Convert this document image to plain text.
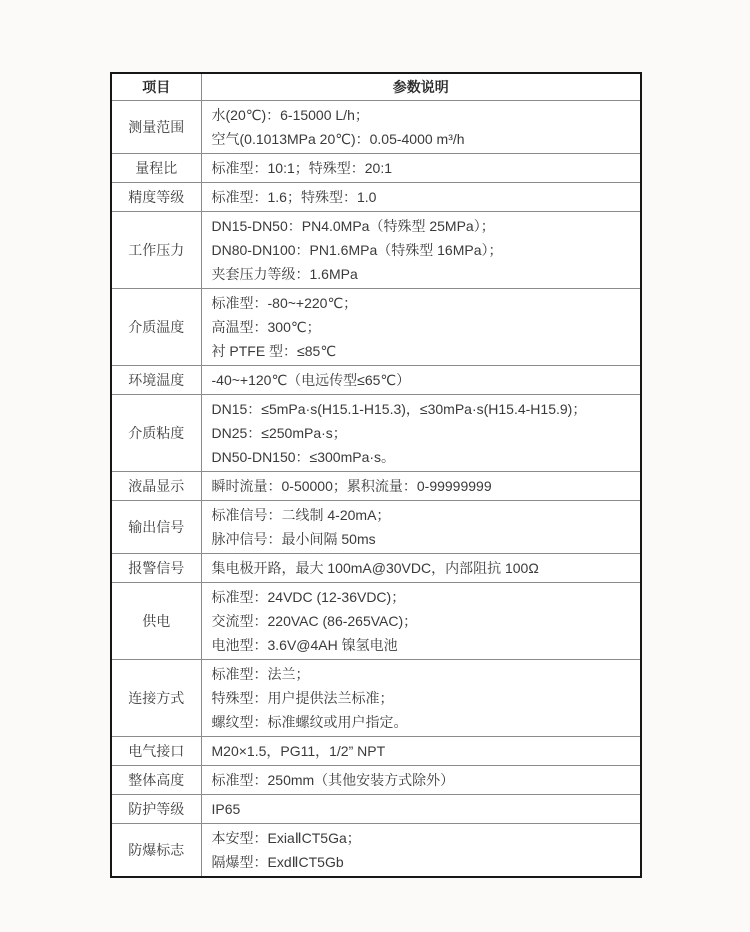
项目	参数说明
测量范围	水(20℃)：6-15000 L/h；
空气(0.1013MPa 20℃)：0.05-4000 m³/h

量程比	标准型：10:1；特殊型：20:1

精度等级	标准型：1.6；特殊型：1.0

工作压力	DN15-DN50：PN4.0MPa（特殊型 25MPa）；
DN80-DN100：PN1.6MPa（特殊型 16MPa）；
夹套压力等级：1.6MPa

介质温度	标准型：-80~+220℃；
高温型：300℃；
衬 PTFE 型：≤85℃

环境温度	-40~+120℃（电远传型≤65℃）

介质粘度	DN15：≤5mPa·s(H15.1-H15.3)，≤30mPa·s(H15.4-H15.9)；
DN25：≤250mPa·s；
DN50-DN150：≤300mPa·s。

液晶显示	瞬时流量：0-50000；累积流量：0-99999999

输出信号	标准信号：二线制 4-20mA；
脉冲信号：最小间隔 50ms

报警信号	集电极开路，最大 100mA@30VDC，内部阻抗 100Ω

供电	标准型：24VDC (12-36VDC)；
交流型：220VAC (86-265VAC)；
电池型：3.6V@4AH 镍氢电池

连接方式	标准型：法兰；
特殊型：用户提供法兰标准；
螺纹型：标准螺纹或用户指定。

电气接口	M20×1.5，PG11，1/2” NPT

整体高度	标准型：250mm（其他安装方式除外）

防护等级	IP65

防爆标志	本安型：ExiaⅡCT5Ga；
隔爆型：ExdⅡCT5Gb
